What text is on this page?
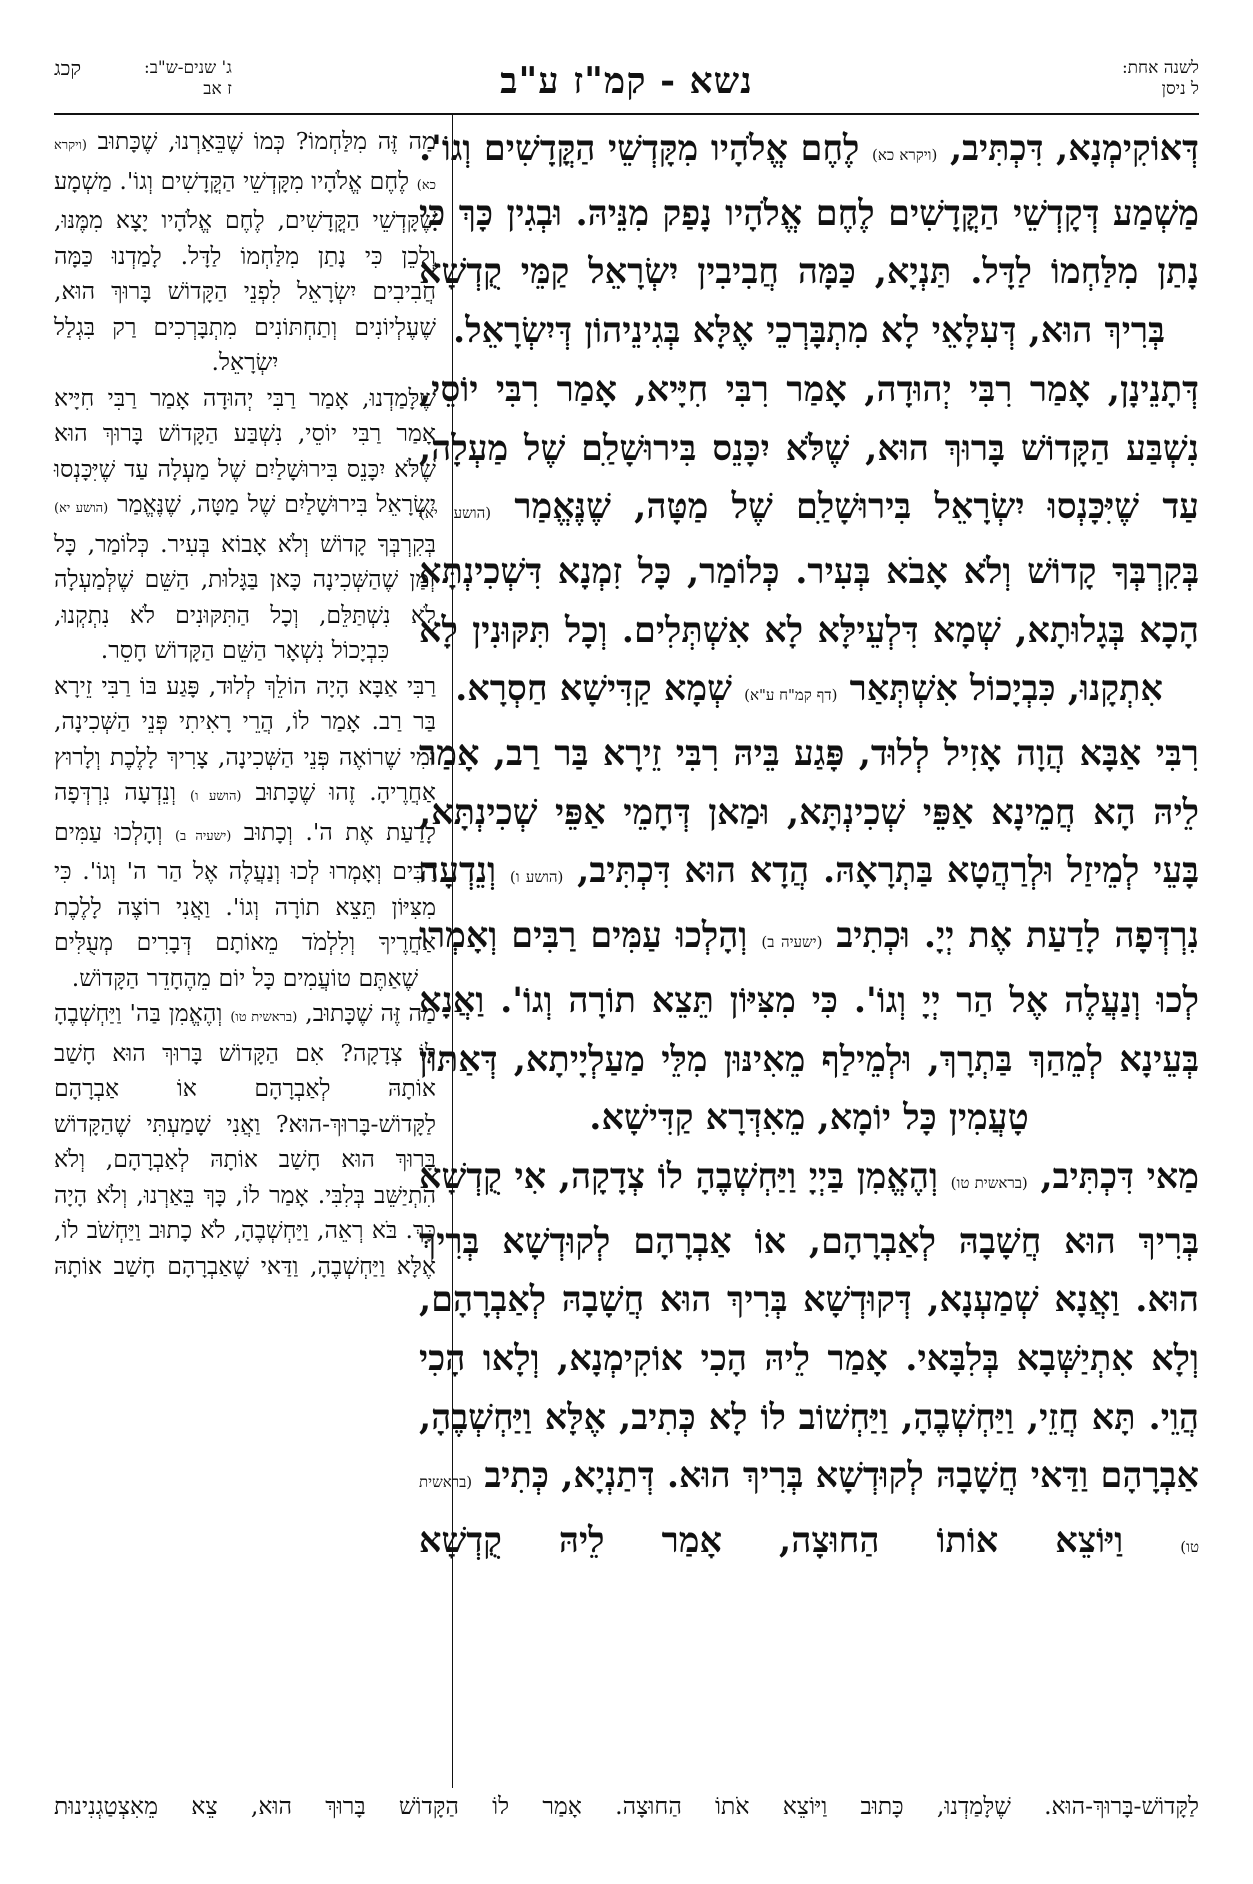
לשנה אחת:
ל ניסן
נשא - קמ"ז ע"ב
ג' שנים-ש"ב:
ז אב
קכג

דְּאוֹקִימְנָא, דִּכְתִּיב, (ויקרא כא) לֶחֶם אֱלֹהָיו מִקָּדְשֵׁי הַקֳּדָשִׁים וְגוֹ'. מַשְׁמַע דְּקָדְשֵׁי הַקֳּדָשִׁים לֶחֶם אֱלֹהָיו נָפַק מִנֵּיהּ. וּבְגִין כָּךְ כִּי נָתַן מִלַּחְמוֹ לַדָּל. תַּנְיָא, כַּמָּה חֲבִיבִין יִשְׂרָאֵל קַמֵּי קֻדְשָׁא בְּרִיךְ הוּא, דְּעִלָּאֵי לָא מִתְבָּרְכֵי אֶלָּא בְּגִינֵיהוֹן דְּיִשְׂרָאֵל.

דְּתָנֵינָן, אָמַר רִבִּי יְהוּדָה, אָמַר רִבִּי חִיָּיא, אָמַר רִבִּי יוֹסֵי, נִשְׁבַּע הַקָּדוֹשׁ בָּרוּךְ הוּא, שֶׁלֹּא יִכָּנֵס בִּירוּשָׁלַ‍ִם שֶׁל מַעְלָה, עַד שֶׁיִּכָּנְסוּ יִשְׂרָאֵל בִּירוּשָׁלַ‍ִם שֶׁל מַטָּה, שֶׁנֶּאֱמַר (הושע יא) בְּקִרְבְּךָ קָדוֹשׁ וְלֹא אָבֹא בְּעִיר. כְּלוֹמַר, כָּל זִמְנָא דִּשְׁכִינְתָּא הָכָא בְּגָלוּתָא, שְׁמָא דִּלְעֵילָּא לָא אִשְׁתְּלִים. וְכָל תִּקּוּנִין לָא אִתְקָנוּ, כִּבְיָכוֹל אִשְׁתְּאַר (דף קמ"ח ע"א) שְׁמָא קַדִּישָׁא חַסְרָא.

רִבִּי אַבָּא הֲוָה אָזִיל לְלוּד, פָּגַע בֵּיהּ רִבִּי זֵירָא בַּר רַב, אָמַר לֵיהּ הָא חֲמֵינָא אַפֵּי שְׁכִינְתָּא, וּמַאן דְּחָמֵי אַפֵּי שְׁכִינְתָּא, בָּעֵי לְמֵיזַל וּלְרַהֲטָא בַּתְרָאָהּ. הֲדָא הוּא דִּכְתִּיב, (הושע ו) וְנֵדְעָה נִרְדְּפָה לָדַעַת אֶת יְיָ. וּכְתִיב (ישעיה ב) וְהָלְכוּ עַמִּים רַבִּים וְאָמְרוּ לְכוּ וְנַעֲלֶה אֶל הַר יְיָ וְגוֹ'. כִּי מִצִּיּוֹן תֵּצֵא תוֹרָה וְגוֹ'. וַאֲנָא בְּעֵינָא לְמֵהַךְ בַּתְרָךְ, וּלְמֵילַף מֵאִינּוּן מִלֵּי מַעַלְיָיתָא, דְּאַתּוּן טָעֲמִין כָּל יוֹמָא, מֵאִדְּרָא קַדִּישָׁא.

מַאי דִּכְתִּיב, (בראשית טו) וְהֶאֱמִן בַּיְיָ וַיַּחְשְׁבֶהָ לוֹ צְדָקָה, אִי קֻדְשָׁא בְּרִיךְ הוּא חֲשָׁבָהּ לְאַבְרָהָם, אוֹ אַבְרָהָם לְקוּדְשָׁא בְּרִיךְ הוּא. וַאֲנָא שְׁמַעְנָא, דְּקוּדְשָׁא בְּרִיךְ הוּא חֲשָׁבָהּ לְאַבְרָהָם, וְלָא אִתְיַשְּׁבָא בְּלִבָּאי. אָמַר לֵיהּ הָכִי אוֹקִימְנָא, וְלָאו הָכִי הֲוֵי. תָּא חֲזֵי, וַיַּחְשְׁבֶהָ, וַיַּחְשׁוֹב לוֹ לָא כְּתִיב, אֶלָּא וַיַּחְשְׁבֶהָ, אַבְרָהָם וַדַּאי חֲשָׁבָהּ לְקוּדְשָׁא בְּרִיךְ הוּא. דְּתַנְיָא, כְּתִיב (בראשית טו) וַיּוֹצֵא אוֹתוֹ הַחוּצָה, אָמַר לֵיהּ קֻדְשָׁא

מַה זֶּה מִלַּחְמוֹ? כְּמוֹ שֶׁבֵּאַרְנוּ, שֶׁכָּתוּב (ויקרא כא) לֶחֶם אֱלֹהָיו מִקָּדְשֵׁי הַקֳּדָשִׁים וְגוֹ'. מַשְׁמָע שֶׁקָּדְשֵׁי הַקֳּדָשִׁים, לֶחֶם אֱלֹהָיו יָצָא מִמֶּנּוּ, וְלָכֵן כִּי נָתַן מִלַּחְמוֹ לַדָּל. לָמַדְנוּ כַּמָּה חֲבִיבִים יִשְׂרָאֵל לִפְנֵי הַקָּדוֹשׁ בָּרוּךְ הוּא, שֶׁעֶלְיוֹנִים וְתַחְתּוֹנִים מִתְבָּרְכִים רַק בִּגְלַל יִשְׂרָאֵל.

שֶׁלָּמַדְנוּ, אָמַר רַבִּי יְהוּדָה אָמַר רַבִּי חִיָּיא אָמַר רַבִּי יוֹסֵי, נִשְׁבַּע הַקָּדוֹשׁ בָּרוּךְ הוּא שֶׁלֹּא יִכָּנֵס בִּירוּשָׁלַיִם שֶׁל מַעְלָה עַד שֶׁיִּכָּנְסוּ יִשְׂרָאֵל בִּירוּשָׁלַיִם שֶׁל מַטָּה, שֶׁנֶּאֱמַר (הושע יא) בְּקִרְבְּךָ קָדוֹשׁ וְלֹא אָבוֹא בְּעִיר. כְּלוֹמַר, כָּל זְמַן שֶׁהַשְּׁכִינָה כָּאן בַּגָּלוּת, הַשֵּׁם שֶׁלְּמַעְלָה לֹא נִשְׁתַּלֵּם, וְכָל הַתִּקּוּנִים לֹא נִתְקְנוּ, כִּבְיָכוֹל נִשְׁאָר הַשֵּׁם הַקָּדוֹשׁ חָסֵר.

רַבִּי אַבָּא הָיָה הוֹלֵךְ לְלוּד, פָּגַע בּוֹ רַבִּי זֵירָא בַּר רַב. אָמַר לוֹ, הֲרֵי רָאִיתִי פְּנֵי הַשְּׁכִינָה, וּמִי שֶׁרוֹאֶה פְּנֵי הַשְּׁכִינָה, צָרִיךְ לָלֶכֶת וְלָרוּץ אַחֲרֶיהָ. זֶהוּ שֶׁכָּתוּב (הושע ו) וְנֵדְעָה נִרְדְּפָה לָדַעַת אֶת ה'. וְכָתוּב (ישעיה ב) וְהָלְכוּ עַמִּים רַבִּים וְאָמְרוּ לְכוּ וְנַעֲלֶה אֶל הַר ה' וְגוֹ'. כִּי מִצִּיּוֹן תֵּצֵא תוֹרָה וְגוֹ'. וַאֲנִי רוֹצֶה לָלֶכֶת אַחֲרֶיךָ וְלִלְמֹד מֵאוֹתָם דְּבָרִים מְעֻלִּים שֶׁאַתֶּם טוֹעֲמִים כָּל יוֹם מֵהֶחָדֵר הַקָּדוֹשׁ.

מַה זֶּה שֶׁכָּתוּב, (בראשית טו) וְהֶאֱמִן בַּה' וַיַּחְשְׁבֶהָ לּוֹ צְדָקָה? אִם הַקָּדוֹשׁ בָּרוּךְ הוּא חָשַׁב אוֹתָהּ לְאַבְרָהָם אוֹ אַבְרָהָם לַקָּדוֹשׁ-בָּרוּךְ-הוּא? וַאֲנִי שָׁמַעְתִּי שֶׁהַקָּדוֹשׁ בָּרוּךְ הוּא חָשַׁב אוֹתָהּ לְאַבְרָהָם, וְלֹא הִתְיַשֵּׁב בְּלִבִּי. אָמַר לוֹ, כָּךְ בֵּאַרְנוּ, וְלֹא הָיָה כָּךְ. בֹּא רְאֵה, וַיַּחְשְׁבֶהָ, לֹא כָתוּב וַיַּחְשֹׁב לוֹ, אֶלָּא וַיַּחְשְׁבֶהָ, וַדַּאי שֶׁאַבְרָהָם חָשַׁב אוֹתָהּ

לַקָּדוֹשׁ-בָּרוּךְ-הוּא. שֶׁלָּמַדְנוּ, כָּתוּב וַיּוֹצֵא אֹתוֹ הַחוּצָה. אָמַר לוֹ הַקָּדוֹשׁ בָּרוּךְ הוּא, צֵא מֵאִצְטַגְנִינוּת
